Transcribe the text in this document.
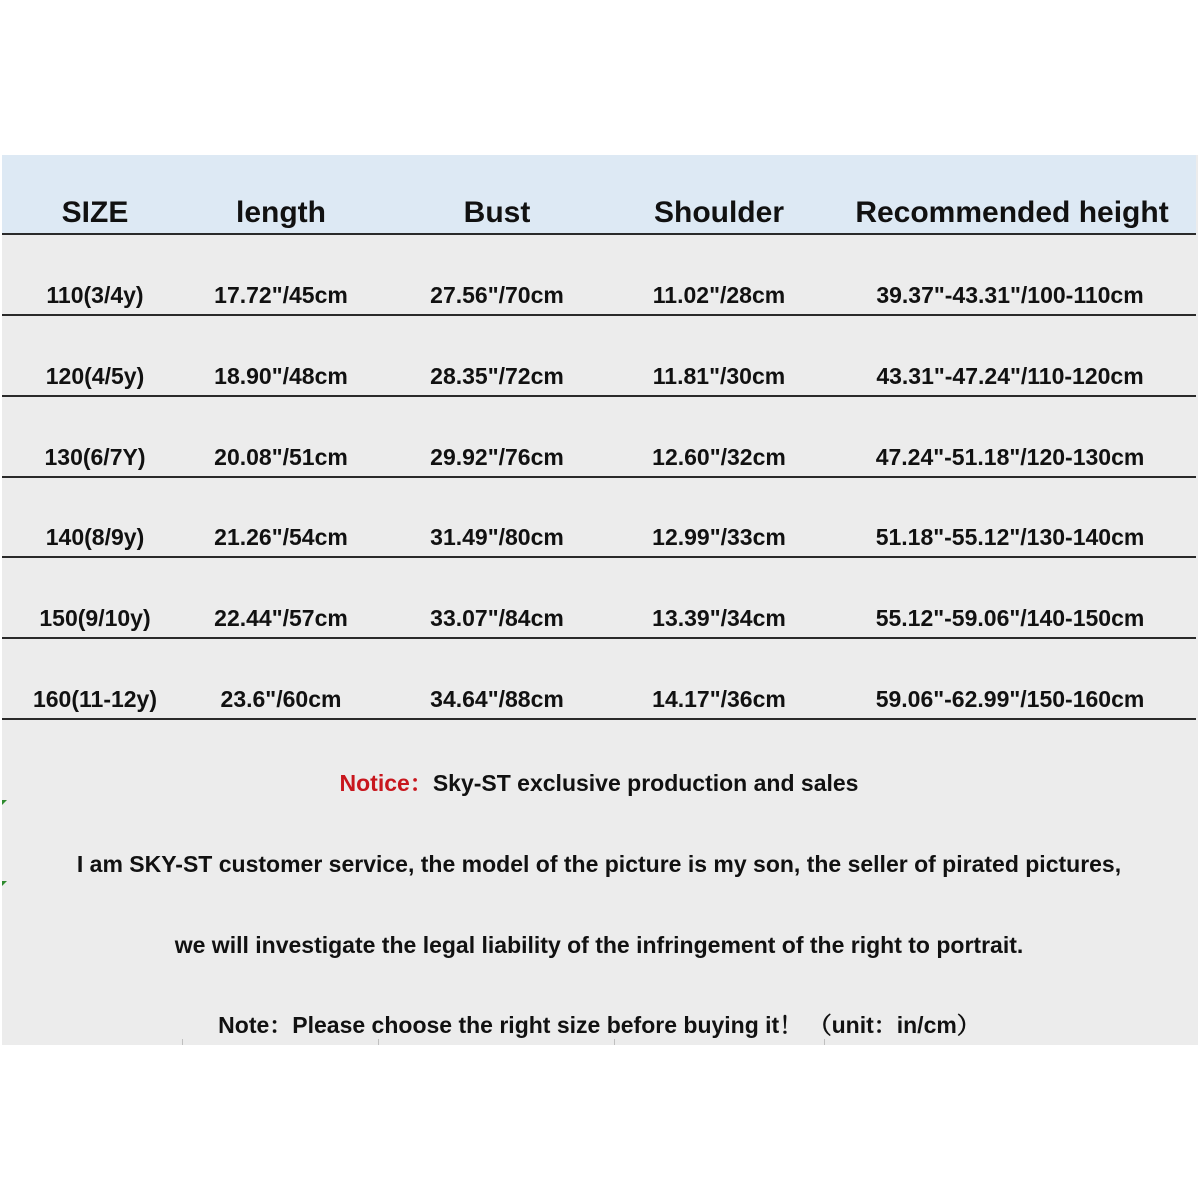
SIZE	length	Bust	Shoulder	Recommended height
110(3/4y)	17.72"/45cm	27.56"/70cm	11.02"/28cm	39.37"-43.31"/100-110cm
120(4/5y)	18.90"/48cm	28.35"/72cm	11.81"/30cm	43.31"-47.24"/110-120cm
130(6/7Y)	20.08"/51cm	29.92"/76cm	12.60"/32cm	47.24"-51.18"/120-130cm
140(8/9y)	21.26"/54cm	31.49"/80cm	12.99"/33cm	51.18"-55.12"/130-140cm
150(9/10y)	22.44"/57cm	33.07"/84cm	13.39"/34cm	55.12"-59.06"/140-150cm
160(11-12y)	23.6"/60cm	34.64"/88cm	14.17"/36cm	59.06"-62.99"/150-160cm
Notice：Sky-ST exclusive production and sales
I am SKY-ST customer service, the model of the picture is my son, the seller of pirated pictures,
we will investigate the legal liability of the infringement of the right to portrait.
Note：Please choose the right size before buying it！ （unit：in/cm）
